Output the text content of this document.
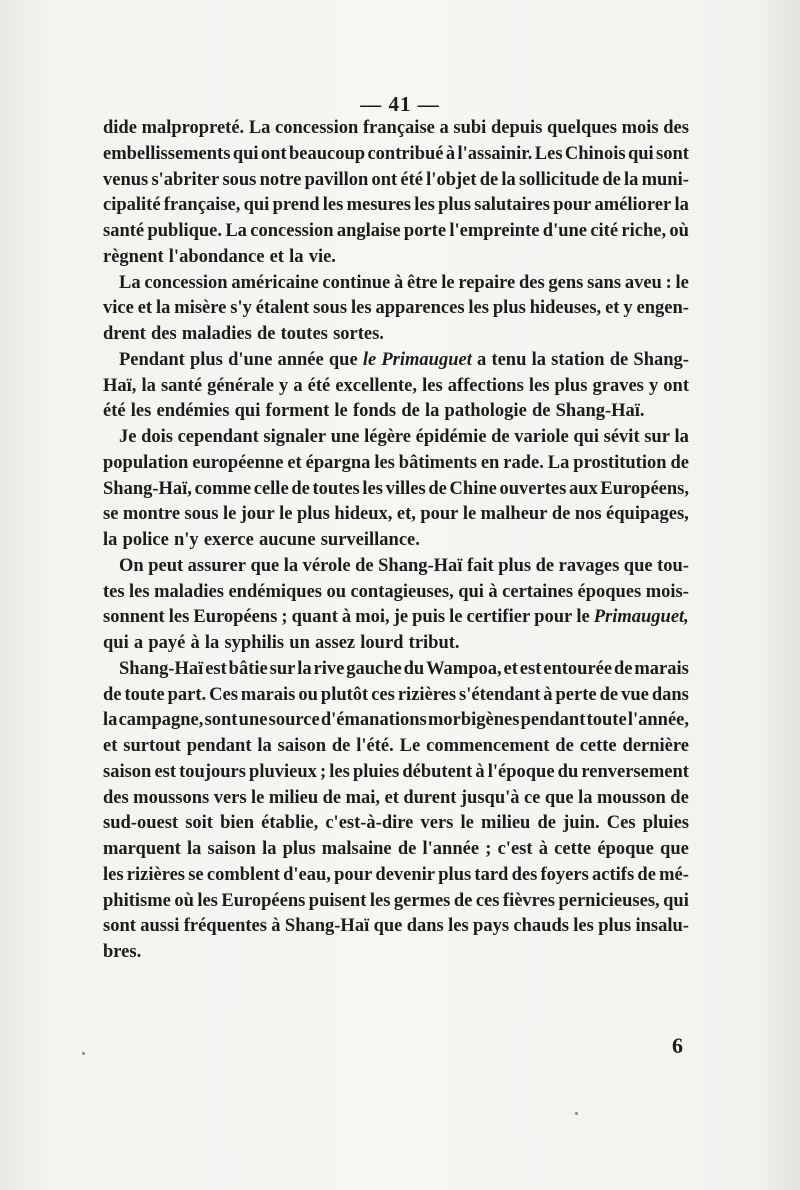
— 41 —
dide malpropreté. La concession française a subi depuis quelques mois des
embellissements qui ont beaucoup contribué à l'assainir. Les Chinois qui sont
venus s'abriter sous notre pavillon ont été l'objet de la sollicitude de la muni-
cipalité française, qui prend les mesures les plus salutaires pour améliorer la
santé publique. La concession anglaise porte l'empreinte d'une cité riche, où
règnent l'abondance et la vie.
La concession américaine continue à être le repaire des gens sans aveu : le
vice et la misère s'y étalent sous les apparences les plus hideuses, et y engen-
drent des maladies de toutes sortes.
Pendant plus d'une année que le Primauguet a tenu la station de Shang-
Haï, la santé générale y a été excellente, les affections les plus graves y ont
été les endémies qui forment le fonds de la pathologie de Shang-Haï.
Je dois cependant signaler une légère épidémie de variole qui sévit sur la
population européenne et épargna les bâtiments en rade. La prostitution de
Shang-Haï, comme celle de toutes les villes de Chine ouvertes aux Européens,
se montre sous le jour le plus hideux, et, pour le malheur de nos équipages,
la police n'y exerce aucune surveillance.
On peut assurer que la vérole de Shang-Haï fait plus de ravages que tou-
tes les maladies endémiques ou contagieuses, qui à certaines époques mois-
sonnent les Européens ; quant à moi, je puis le certifier pour le Primauguet,
qui a payé à la syphilis un assez lourd tribut.
Shang-Haï est bâtie sur la rive gauche du Wampoa, et est entourée de marais
de toute part. Ces marais ou plutôt ces rizières s'étendant à perte de vue dans
la campagne, sont une source d'émanations morbigènes pendant toute l'année,
et surtout pendant la saison de l'été. Le commencement de cette dernière
saison est toujours pluvieux ; les pluies débutent à l'époque du renversement
des moussons vers le milieu de mai, et durent jusqu'à ce que la mousson de
sud-ouest soit bien établie, c'est-à-dire vers le milieu de juin. Ces pluies
marquent la saison la plus malsaine de l'année ; c'est à cette époque que
les rizières se comblent d'eau, pour devenir plus tard des foyers actifs de mé-
phitisme où les Européens puisent les germes de ces fièvres pernicieuses, qui
sont aussi fréquentes à Shang-Haï que dans les pays chauds les plus insalu-
bres.
6
